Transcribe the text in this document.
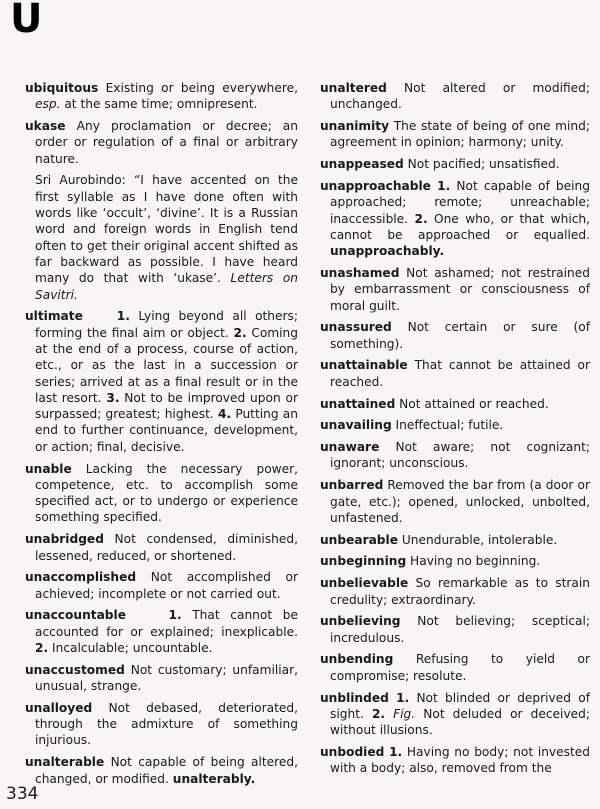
U

ubiquitous Existing or being everywhere, esp. at the same time; omnipresent.

ukase Any proclamation or decree; an order or regulation of a final or arbitrary nature.

Sri Aurobindo: “I have accented on the first syllable as I have done often with words like ‘occult’, ‘divine’. It is a Russian word and foreign words in English tend often to get their original accent shifted as far backward as possible. I have heard many do that with ‘ukase’. Letters on Savitri.

ultimate	1. Lying beyond all others; forming the final aim or object. 2. Coming at the end of a process, course of action, etc., or as the last in a succession or series; arrived at as a final result or in the last resort. 3. Not to be improved upon or surpassed; greatest; highest. 4. Putting an end to further continuance, development, or action; final, decisive.

unable Lacking the necessary power, competence, etc. to accomplish some specified act, or to undergo or experience something specified.

unabridged Not condensed, diminished, lessened, reduced, or shortened.

unaccomplished Not accomplished or achieved; incomplete or not carried out.

unaccountable	1. That cannot be accounted for or explained; inexplicable. 2. Incalculable; uncountable.

unaccustomed Not customary; unfamiliar, unusual, strange.

unalloyed Not debased, deteriorated, through the admixture of something injurious.

unalterable Not capable of being altered, changed, or modified. unalterably.

unaltered Not altered or modified; unchanged.

unanimity The state of being of one mind; agreement in opinion; harmony; unity.

unappeased Not pacified; unsatisfied.

unapproachable 1. Not capable of being approached; remote; unreachable; inaccessible. 2. One who, or that which, cannot be approached or equalled. unapproachably.

unashamed Not ashamed; not restrained by embarrassment or consciousness of moral guilt.

unassured Not certain or sure (of something).

unattainable That cannot be attained or reached.

unattained Not attained or reached.

unavailing Ineffectual; futile.

unaware Not aware; not cognizant; ignorant; unconscious.

unbarred Removed the bar from (a door or gate, etc.); opened, unlocked, unbolted, unfastened.

unbearable Unendurable, intolerable.

unbeginning Having no beginning.

unbelievable So remarkable as to strain credulity; extraordinary.

unbelieving Not believing; sceptical; incredulous.

unbending Refusing to yield or compromise; resolute.

unblinded 1. Not blinded or deprived of sight. 2. Fig. Not deluded or deceived; without illusions.

unbodied 1. Having no body; not invested with a body; also, removed from the

334
